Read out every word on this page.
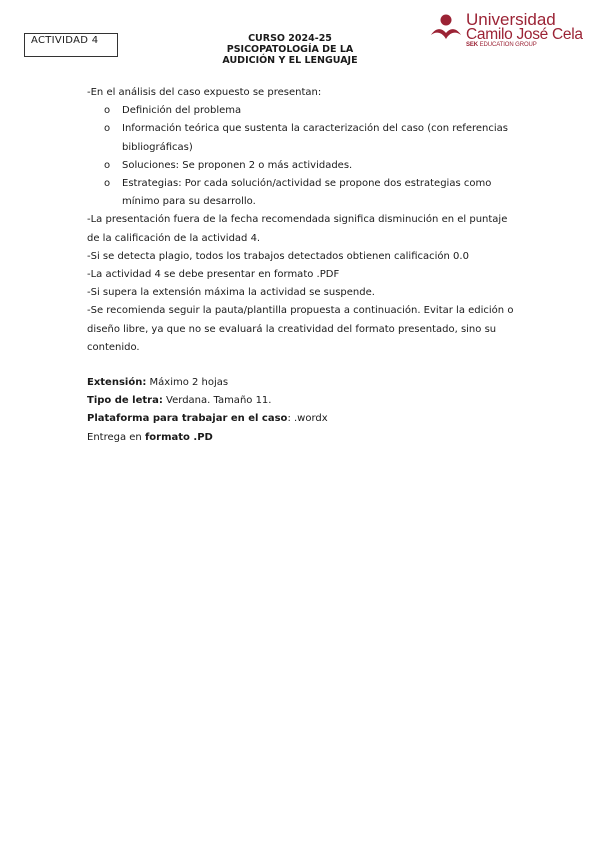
ACTIVIDAD 4	CURSO 2024-25
PSICOPATOLOGÍA DE LA
AUDICIÓN Y EL LENGUAJE
Universidad
Camilo José Cela
SEK EDUCATION GROUP

-En el análisis del caso expuesto se presentan:

o Definición del problema
o Información teórica que sustenta la caracterización del caso (con referencias bibliográficas)
o Soluciones: Se proponen 2 o más actividades.
o Estrategias: Por cada solución/actividad se propone dos estrategias como mínimo para su desarrollo.

-La presentación fuera de la fecha recomendada significa disminución en el puntaje de la calificación de la actividad 4.

-Si se detecta plagio, todos los trabajos detectados obtienen calificación 0.0

-La actividad 4 se debe presentar en formato .PDF

-Si supera la extensión máxima la actividad se suspende.

-Se recomienda seguir la pauta/plantilla propuesta a continuación. Evitar la edición o diseño libre, ya que no se evaluará la creatividad del formato presentado, sino su contenido.

Extensión: Máximo 2 hojas

Tipo de letra: Verdana. Tamaño 11.

Plataforma para trabajar en el caso: .wordx

Entrega en formato .PD
